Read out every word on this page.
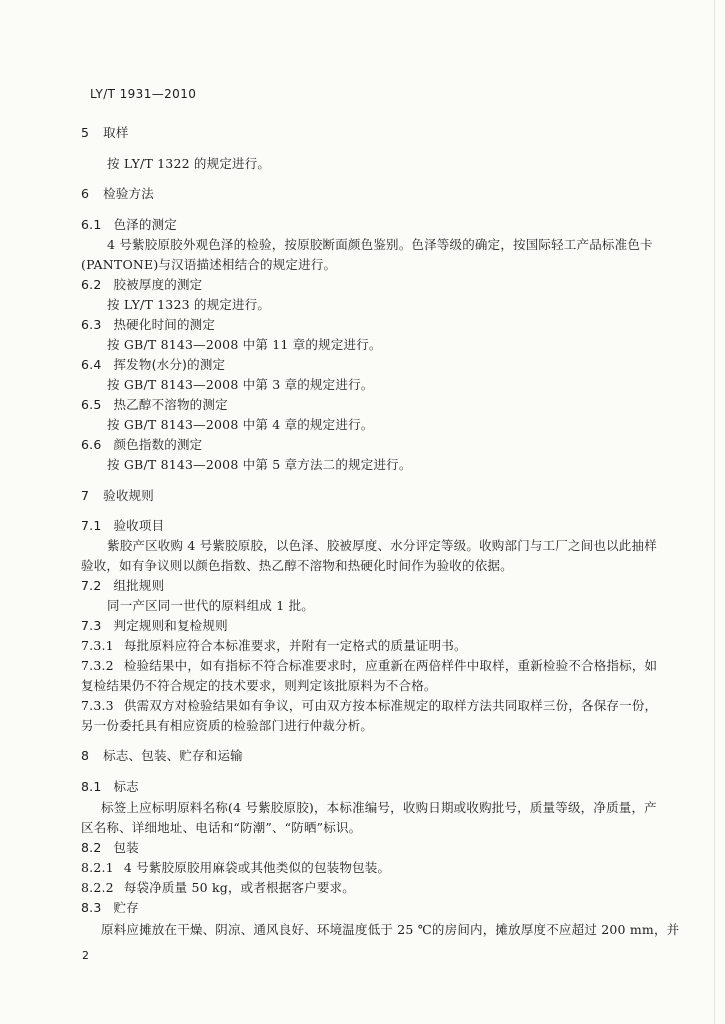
LY/T 1931—2010
5 取样
按 LY/T 1322 的规定进行。
6 检验方法
6.1 色泽的测定
4 号紫胶原胶外观色泽的检验，按原胶断面颜色鉴别。色泽等级的确定，按国际轻工产品标准色卡
(PANTONE)与汉语描述相结合的规定进行。
6.2 胶被厚度的测定
按 LY/T 1323 的规定进行。
6.3 热硬化时间的测定
按 GB/T 8143—2008 中第 11 章的规定进行。
6.4 挥发物(水分)的测定
按 GB/T 8143—2008 中第 3 章的规定进行。
6.5 热乙醇不溶物的测定
按 GB/T 8143—2008 中第 4 章的规定进行。
6.6 颜色指数的测定
按 GB/T 8143—2008 中第 5 章方法二的规定进行。
7 验收规则
7.1 验收项目
紫胶产区收购 4 号紫胶原胶，以色泽、胶被厚度、水分评定等级。收购部门与工厂之间也以此抽样
验收，如有争议则以颜色指数、热乙醇不溶物和热硬化时间作为验收的依据。
7.2 组批规则
同一产区同一世代的原料组成 1 批。
7.3 判定规则和复检规则
7.3.1 每批原料应符合本标准要求，并附有一定格式的质量证明书。
7.3.2 检验结果中，如有指标不符合标准要求时，应重新在两倍样件中取样，重新检验不合格指标，如
复检结果仍不符合规定的技术要求，则判定该批原料为不合格。
7.3.3 供需双方对检验结果如有争议，可由双方按本标准规定的取样方法共同取样三份，各保存一份，
另一份委托具有相应资质的检验部门进行仲裁分析。
8 标志、包装、贮存和运输
8.1 标志
标签上应标明原料名称(4 号紫胶原胶)，本标准编号，收购日期或收购批号，质量等级，净质量，产
区名称、详细地址、电话和“防潮”、“防晒”标识。
8.2 包装
8.2.1 4 号紫胶原胶用麻袋或其他类似的包装物包装。
8.2.2 每袋净质量 50 kg，或者根据客户要求。
8.3 贮存
原料应摊放在干燥、阴凉、通风良好、环境温度低于 25 ℃的房间内，摊放厚度不应超过 200 mm，并
2
